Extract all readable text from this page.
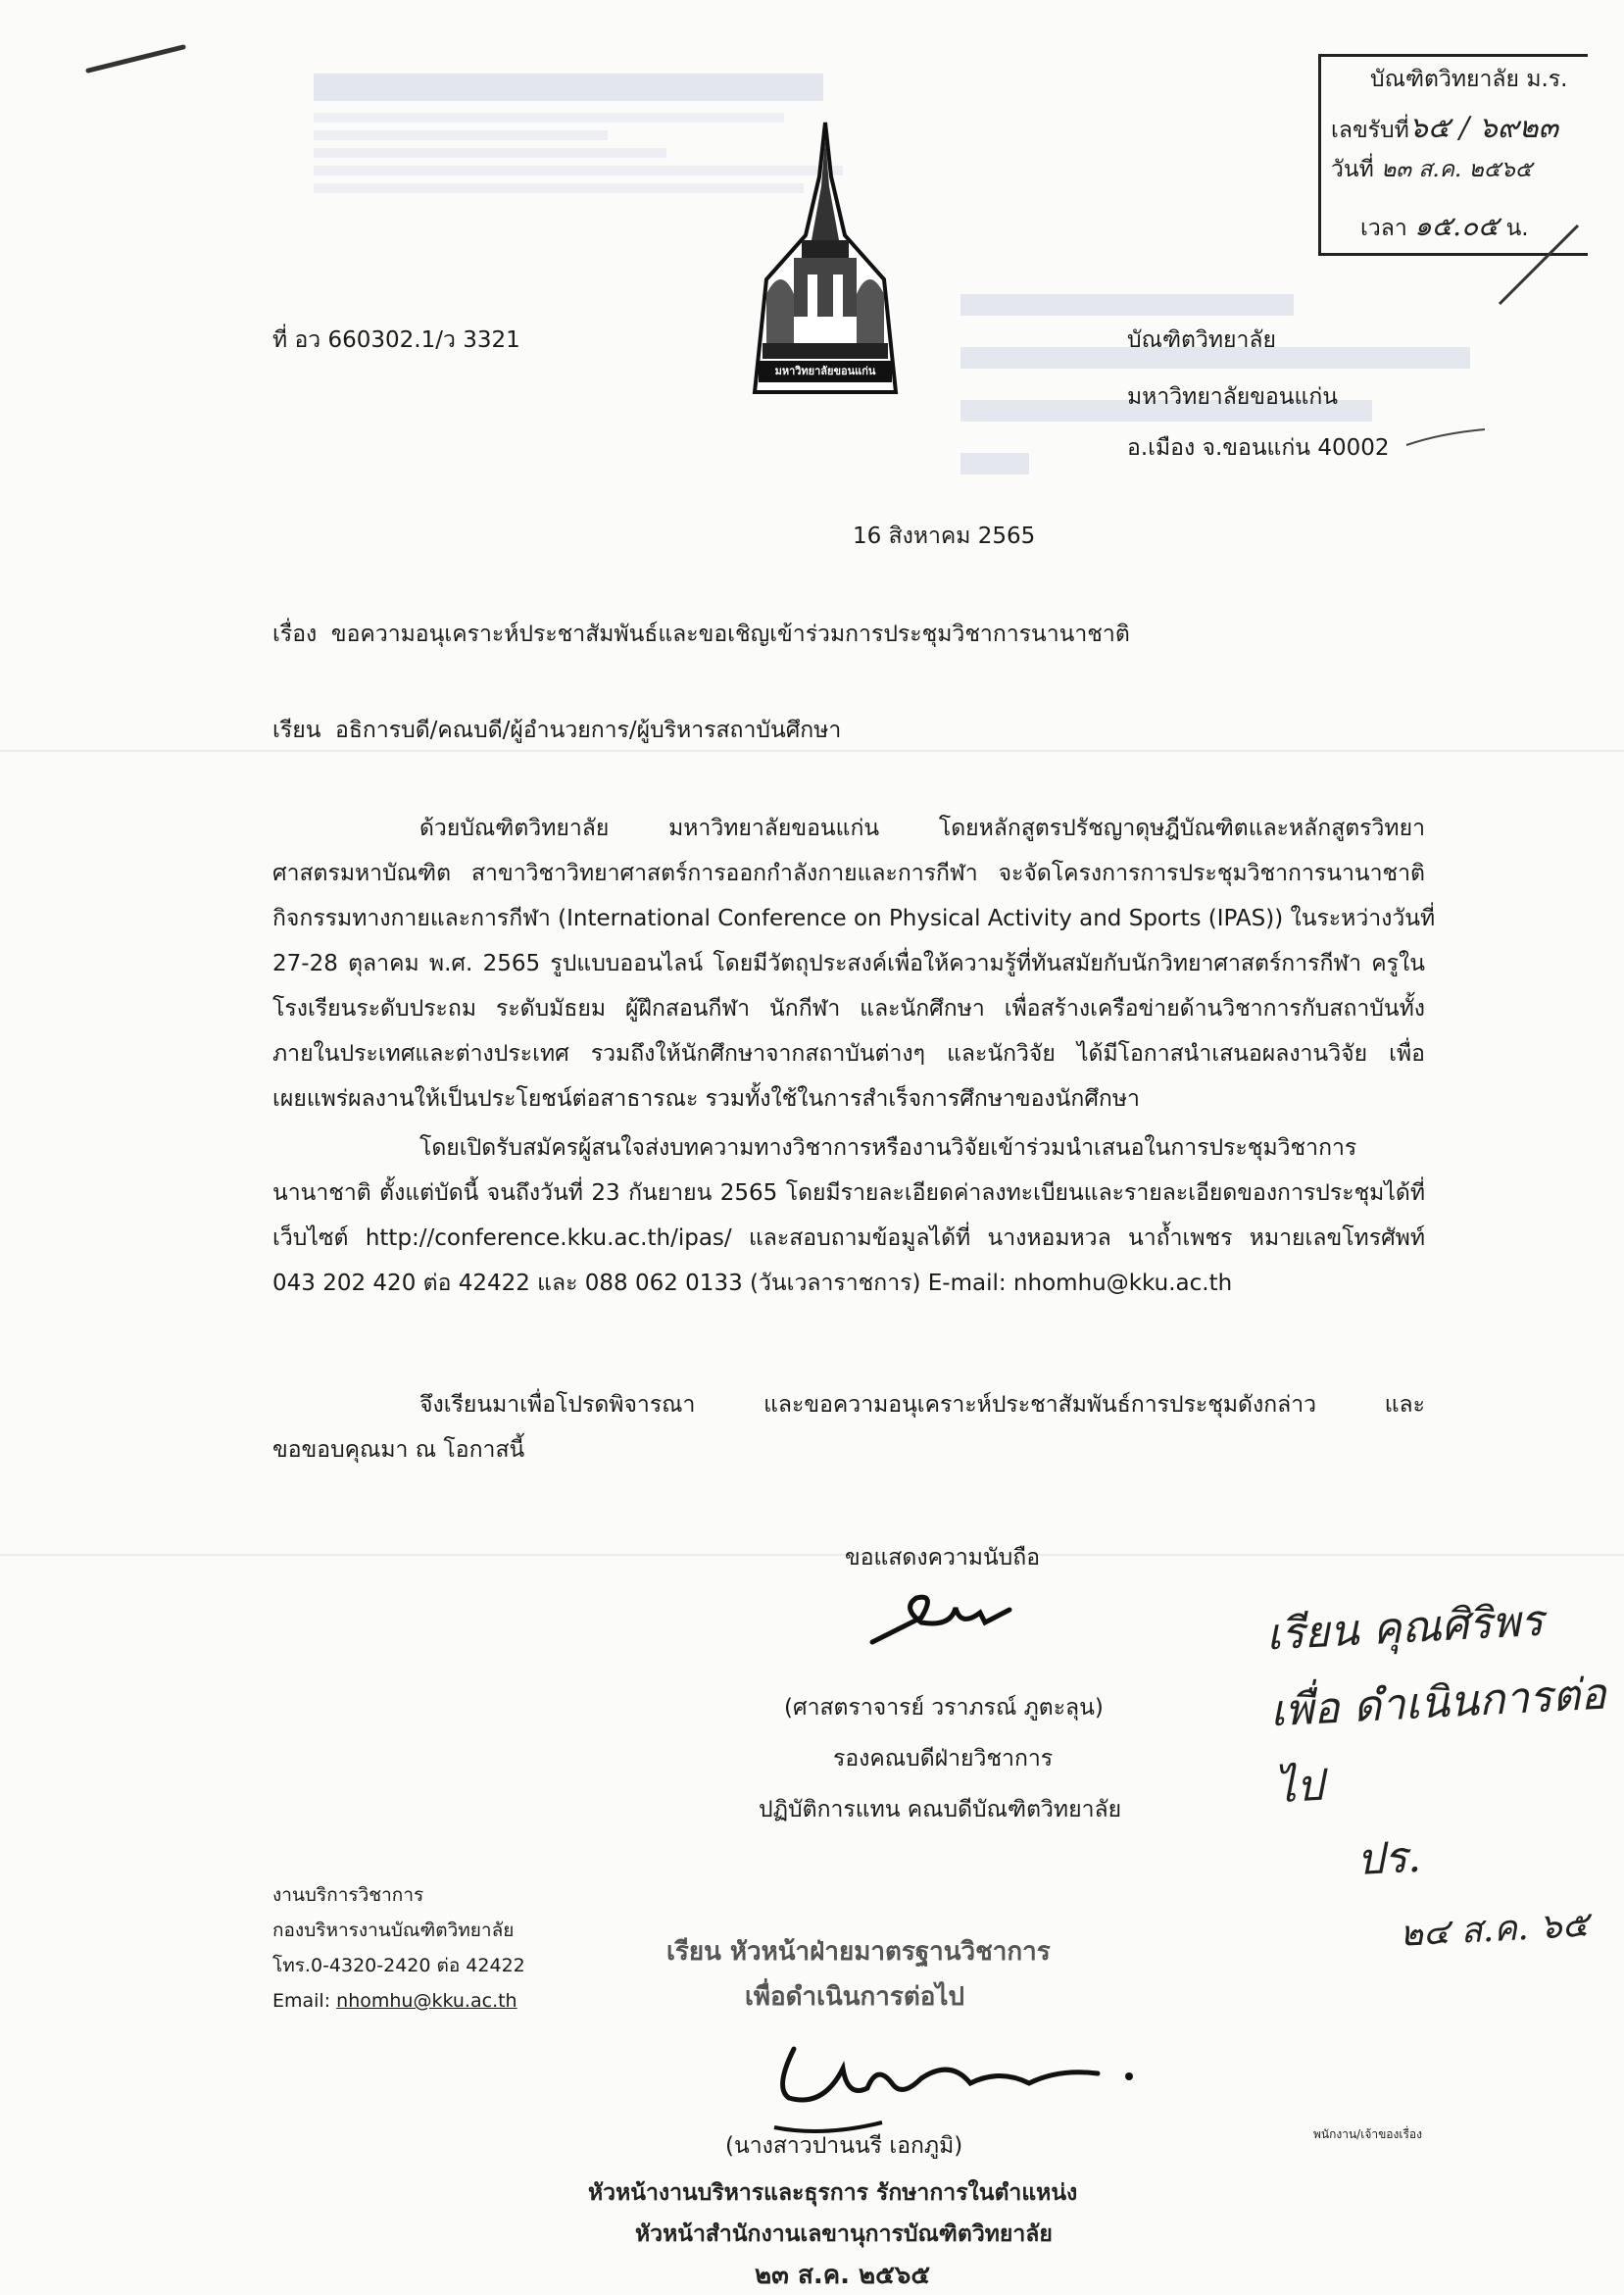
มหาวิทยาลัยขอนแก่น
บัณฑิตวิทยาลัย ม.ร.
เลขรับที่๖๕ / ๖๙๒๓
วันที่ ๒๓ ส.ค. ๒๕๖๕
เวลา ๑๕.๐๕ น.
ที่ อว 660302.1/ว 3321	บัณฑิตวิทยาลัย
มหาวิทยาลัยขอนแก่น
อ.เมือง จ.ขอนแก่น 40002
16 สิงหาคม 2565
เรื่อง ขอความอนุเคราะห์ประชาสัมพันธ์และขอเชิญเข้าร่วมการประชุมวิชาการนานาชาติ
เรียน อธิการบดี/คณบดี/ผู้อำนวยการ/ผู้บริหารสถาบันศึกษา
ด้วยบัณฑิตวิทยาลัย มหาวิทยาลัยขอนแก่น โดยหลักสูตรปรัชญาดุษฎีบัณฑิตและหลักสูตรวิทยา
ศาสตรมหาบัณฑิต สาขาวิชาวิทยาศาสตร์การออกกำลังกายและการกีฬา จะจัดโครงการการประชุมวิชาการนานาชาติ
กิจกรรมทางกายและการกีฬา (International Conference on Physical Activity and Sports (IPAS)) ในระหว่างวันที่
27-28 ตุลาคม พ.ศ. 2565 รูปแบบออนไลน์ โดยมีวัตถุประสงค์เพื่อให้ความรู้ที่ทันสมัยกับนักวิทยาศาสตร์การกีฬา ครูใน
โรงเรียนระดับประถม ระดับมัธยม ผู้ฝึกสอนกีฬา นักกีฬา และนักศึกษา เพื่อสร้างเครือข่ายด้านวิชาการกับสถาบันทั้ง
ภายในประเทศและต่างประเทศ รวมถึงให้นักศึกษาจากสถาบันต่างๆ และนักวิจัย ได้มีโอกาสนำเสนอผลงานวิจัย เพื่อ
เผยแพร่ผลงานให้เป็นประโยชน์ต่อสาธารณะ รวมทั้งใช้ในการสำเร็จการศึกษาของนักศึกษา
โดยเปิดรับสมัครผู้สนใจส่งบทความทางวิชาการหรืองานวิจัยเข้าร่วมนำเสนอในการประชุมวิชาการ
นานาชาติ ตั้งแต่บัดนี้ จนถึงวันที่ 23 กันยายน 2565 โดยมีรายละเอียดค่าลงทะเบียนและรายละเอียดของการประชุมได้ที่
เว็บไซต์ http://conference.kku.ac.th/ipas/ และสอบถามข้อมูลได้ที่ นางหอมหวล นาถ้ำเพชร หมายเลขโทรศัพท์
043 202 420 ต่อ 42422 และ 088 062 0133 (วันเวลาราชการ) E-mail: nhomhu@kku.ac.th
จึงเรียนมาเพื่อโปรดพิจารณา และขอความอนุเคราะห์ประชาสัมพันธ์การประชุมดังกล่าว และ
ขอขอบคุณมา ณ โอกาสนี้
ขอแสดงความนับถือ
(ศาสตราจารย์ วราภรณ์ ภูตะลุน)
รองคณบดีฝ่ายวิชาการ
ปฏิบัติการแทน คณบดีบัณฑิตวิทยาลัย
เรียน คุณศิริพร
เพื่อ ดำเนินการต่อไป
ปร.
๒๔ ส.ค. ๖๕
งานบริการวิชาการ
กองบริหารงานบัณฑิตวิทยาลัย
โทร.0-4320-2420 ต่อ 42422
Email: nhomhu@kku.ac.th
เรียน หัวหน้าฝ่ายมาตรฐานวิชาการ
เพื่อดำเนินการต่อไป
(นางสาวปานนรี เอกภูมิ)
หัวหน้างานบริหารและธุรการ รักษาการในตำแหน่ง
หัวหน้าสำนักงานเลขานุการบัณฑิตวิทยาลัย
๒๓ ส.ค. ๒๕๖๕
พนักงาน/เจ้าของเรื่อง
